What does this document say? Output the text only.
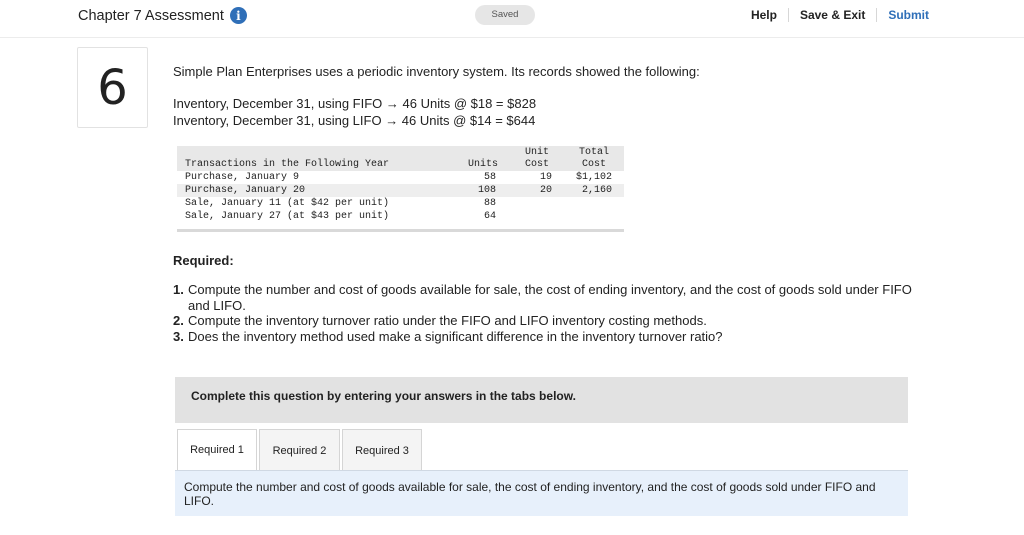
Chapter 7 Assessment	i	Saved	Help Save & Exit Submit
6	Simple Plan Enterprises uses a periodic inventory system. Its records showed the following:
Inventory, December 31, using FIFO → 46 Units @ $18 = $828
Inventory, December 31, using LIFO → 46 Units @ $14 = $644
Unit	Total
Transactions in the Following Year	Units	Cost	Cost
Purchase, January 9	58	19	$1,102
Purchase, January 20	108	20	2,160
Sale, January 11 (at $42 per unit)	88
Sale, January 27 (at $43 per unit)	64
Required:
1. Compute the number and cost of goods available for sale, the cost of ending inventory, and the cost of goods sold under FIFO and LIFO.
2. Compute the inventory turnover ratio under the FIFO and LIFO inventory costing methods.
3. Does the inventory method used make a significant difference in the inventory turnover ratio?
Complete this question by entering your answers in the tabs below.
Required 1	Required 2	Required 3
Compute the number and cost of goods available for sale, the cost of ending inventory, and the cost of goods sold under FIFO and LIFO.
